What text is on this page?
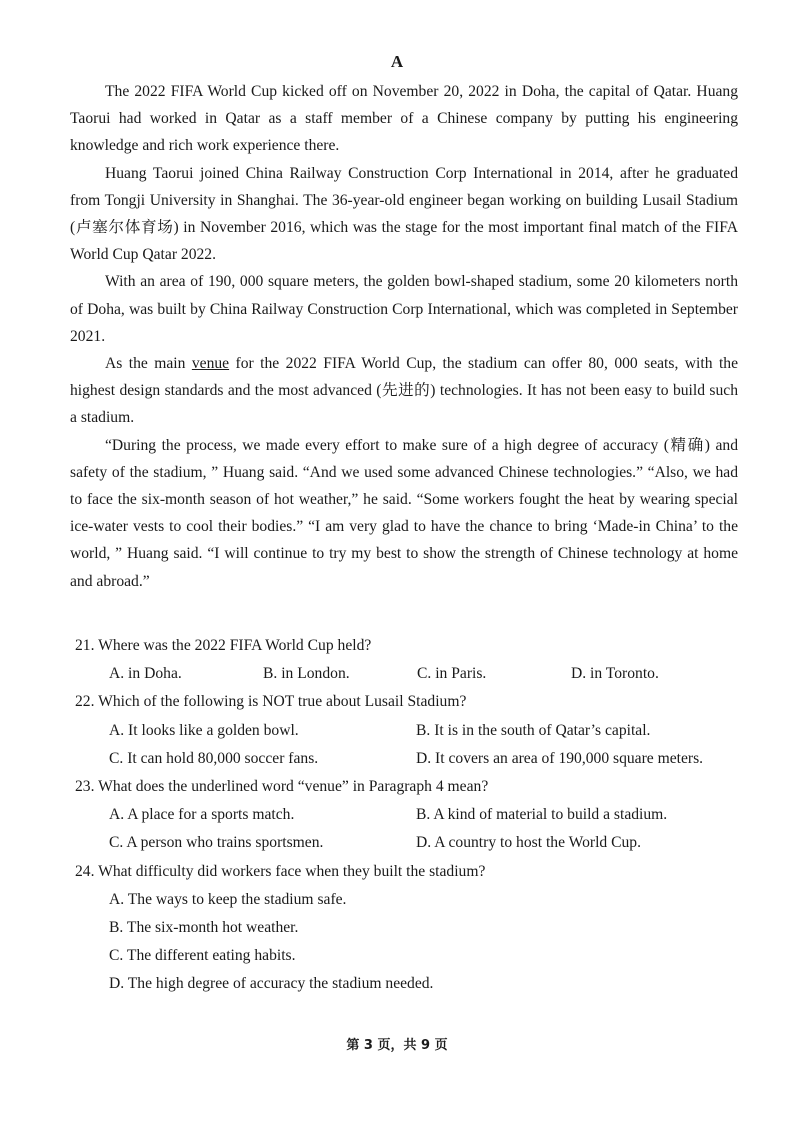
A

The 2022 FIFA World Cup kicked off on November 20, 2022 in Doha, the capital of Qatar. Huang Taorui had worked in Qatar as a staff member of a Chinese company by putting his engineering knowledge and rich work experience there.

Huang Taorui joined China Railway Construction Corp International in 2014, after he graduated from Tongji University in Shanghai. The 36-year-old engineer began working on building Lusail Stadium (卢塞尔体育场) in November 2016, which was the stage for the most important final match of the FIFA World Cup Qatar 2022.

With an area of 190, 000 square meters, the golden bowl-shaped stadium, some 20 kilometers north of Doha, was built by China Railway Construction Corp International, which was completed in September 2021.

As the main venue for the 2022 FIFA World Cup, the stadium can offer 80, 000 seats, with the highest design standards and the most advanced (先进的) technologies. It has not been easy to build such a stadium.

“During the process, we made every effort to make sure of a high degree of accuracy (精确) and safety of the stadium, ” Huang said. “And we used some advanced Chinese technologies.” “Also, we had to face the six-month season of hot weather,” he said. “Some workers fought the heat by wearing special ice-water vests to cool their bodies.” “I am very glad to have the chance to bring ‘Made-in China’ to the world, ” Huang said. “I will continue to try my best to show the strength of Chinese technology at home and abroad.”

21. Where was the 2022 FIFA World Cup held?

A. in Doha.	B. in London.	C. in Paris.	D. in Toronto.

22. Which of the following is NOT true about Lusail Stadium?

A. It looks like a golden bowl.	B. It is in the south of Qatar’s capital.
C. It can hold 80,000 soccer fans.	D. It covers an area of 190,000 square meters.

23. What does the underlined word “venue” in Paragraph 4 mean?

A. A place for a sports match.	B. A kind of material to build a stadium.
C. A person who trains sportsmen.	D. A country to host the World Cup.

24. What difficulty did workers face when they built the stadium?

A. The ways to keep the stadium safe.
B. The six-month hot weather.
C. The different eating habits.
D. The high degree of accuracy the stadium needed.
第 3 页，共 9 页
